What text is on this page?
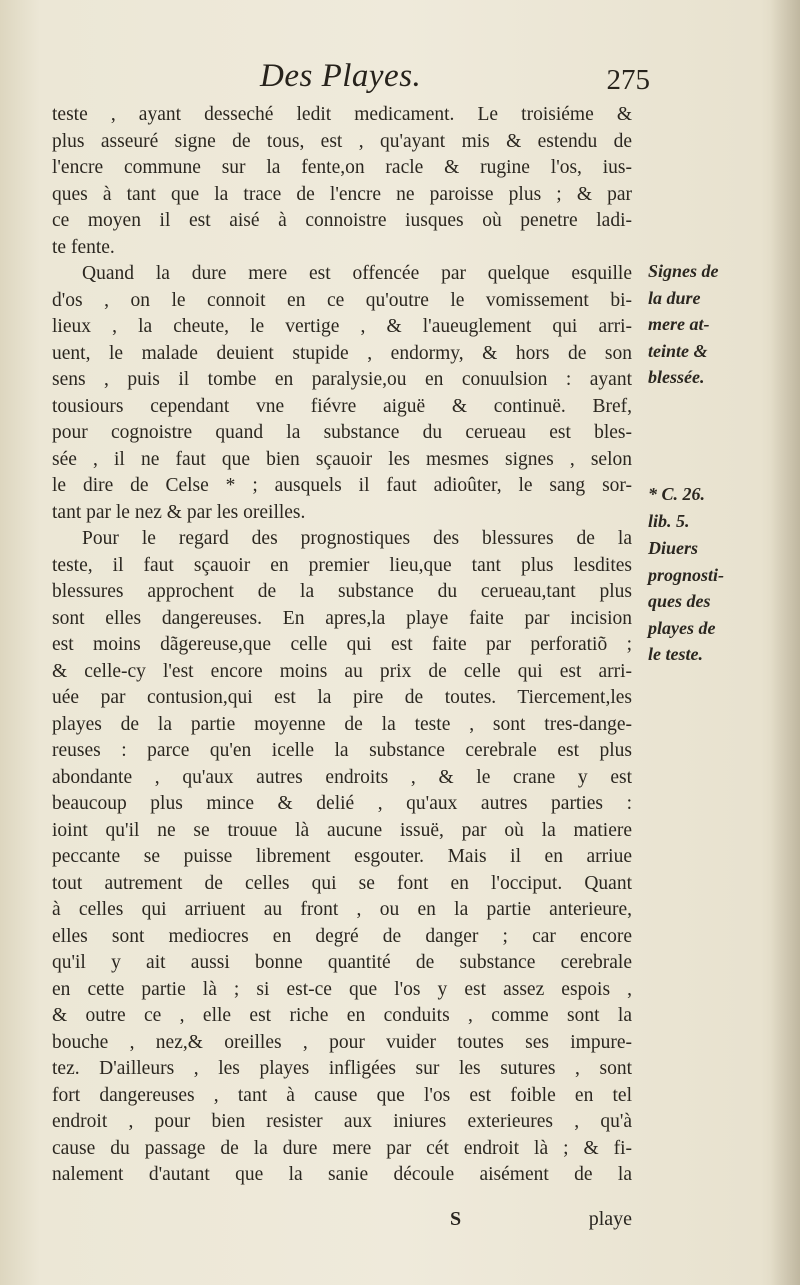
Des Playes.	275
teste , ayant desseché ledit medicament. Le troisiéme &
plus asseuré signe de tous, est , qu'ayant mis & estendu de
l'encre commune sur la fente,on racle & rugine l'os, ius-
ques à tant que la trace de l'encre ne paroisse plus ; & par
ce moyen il est aisé à connoistre iusques où penetre ladi-
te fente.
Quand la dure mere est offencée par quelque esquille
d'os , on le connoit en ce qu'outre le vomissement bi-
lieux , la cheute, le vertige , & l'aueuglement qui arri-
uent, le malade deuient stupide , endormy, & hors de son
sens , puis il tombe en paralysie,ou en conuulsion : ayant
tousiours cependant vne fiévre aiguë & continuë. Bref,
pour cognoistre quand la substance du cerueau est bles-
sée , il ne faut que bien sçauoir les mesmes signes , selon
le dire de Celse * ; ausquels il faut adioûter, le sang sor-
tant par le nez & par les oreilles.
Pour le regard des prognostiques des blessures de la
teste, il faut sçauoir en premier lieu,que tant plus lesdites
blessures approchent de la substance du cerueau,tant plus
sont elles dangereuses. En apres,la playe faite par incision
est moins dãgereuse,que celle qui est faite par perforatiõ ;
& celle-cy l'est encore moins au prix de celle qui est arri-
uée par contusion,qui est la pire de toutes. Tiercement,les
playes de la partie moyenne de la teste , sont tres-dange-
reuses : parce qu'en icelle la substance cerebrale est plus
abondante , qu'aux autres endroits , & le crane y est
beaucoup plus mince & delié , qu'aux autres parties :
ioint qu'il ne se trouue là aucune issuë, par où la matiere
peccante se puisse librement esgouter. Mais il en arriue
tout autrement de celles qui se font en l'occiput. Quant
à celles qui arriuent au front , ou en la partie anterieure,
elles sont mediocres en degré de danger ; car encore
qu'il y ait aussi bonne quantité de substance cerebrale
en cette partie là ; si est-ce que l'os y est assez espois ,
& outre ce , elle est riche en conduits , comme sont la
bouche , nez,& oreilles , pour vuider toutes ses impure-
tez. D'ailleurs , les playes infligées sur les sutures , sont
fort dangereuses , tant à cause que l'os est foible en tel
endroit , pour bien resister aux iniures exterieures , qu'à
cause du passage de la dure mere par cét endroit là ; & fi-
nalement d'autant que la sanie découle aisément de la
Signes de
la dure
mere at-
teinte &
blessée.
* C. 26.
lib. 5.
Diuers
prognosti-
ques des
playes de
le teste.
S	playe
